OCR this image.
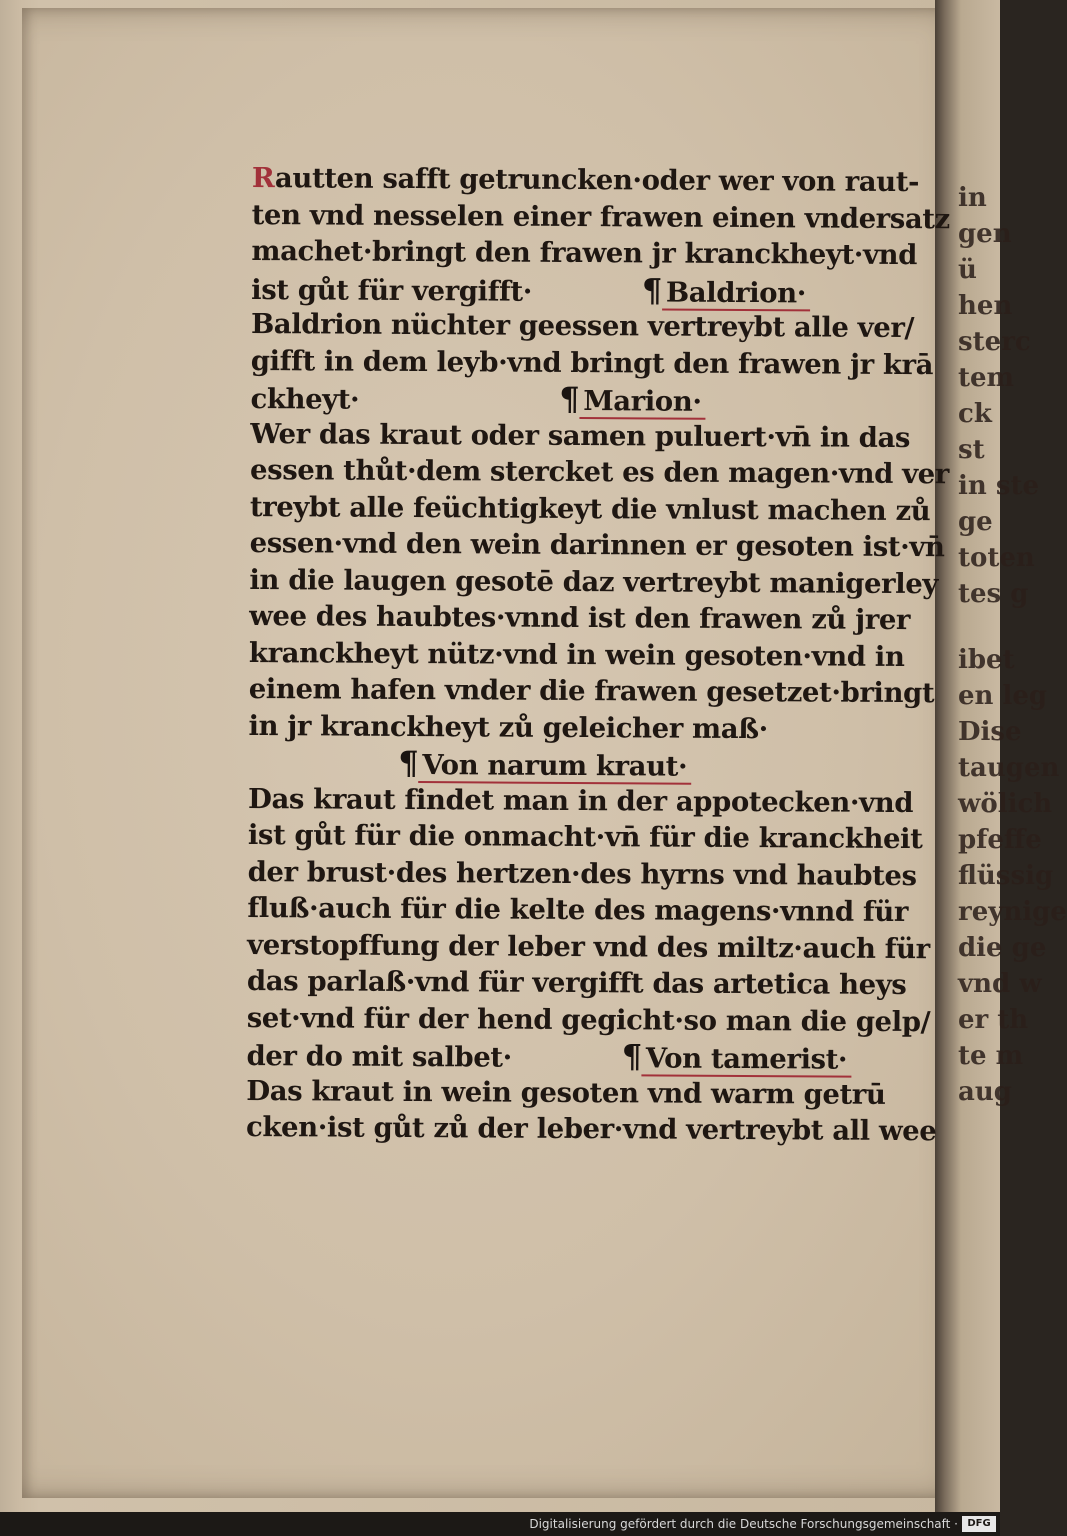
in
gen
ü
hen
sterc
tem
ck
st
in ste
ge
toten
tes g
ibet
en leg
Dise
taugen
wölich
pfeffe
flüssig
reynige
die ge
vnd w
er th
te m
aug
Rautten safft getruncken·oder wer von raut-
ten vnd nesselen einer frawen einen vndersatz
machet·bringt den frawen jr kranckheyt·vnd
ist gůt für vergifft·	¶ Baldrion·
Baldrion nüchter geessen vertreybt alle ver/
gifft in dem leyb·vnd bringt den frawen jr krā
ckheyt·	¶ Marion·
Wer das kraut oder samen puluert·vn̄ in das
essen thůt·dem stercket es den magen·vnd ver
treybt alle feüchtigkeyt die vnlust machen zů
essen·vnd den wein darinnen er gesoten ist·vn̄
in die laugen gesotē daz vertreybt manigerley
wee des haubtes·vnnd ist den frawen zů jrer
kranckheyt nütz·vnd in wein gesoten·vnd in
einem hafen vnder die frawen gesetzet·bringt
in jr kranckheyt zů geleicher maß·
¶ Von narum kraut·
Das kraut findet man in der appotecken·vnd
ist gůt für die onmacht·vn̄ für die kranckheit
der brust·des hertzen·des hyrns vnd haubtes
fluß·auch für die kelte des magens·vnnd für
verstopffung der leber vnd des miltz·auch für
das parlaß·vnd für vergifft das artetica heys
set·vnd für der hend gegicht·so man die gelp/
der do mit salbet·	¶ Von tamerist·
Das kraut in wein gesoten vnd warm getrū
cken·ist gůt zů der leber·vnd vertreybt all wee
Digitalisierung gefördert durch die Deutsche Forschungsgemeinschaft · DFG
